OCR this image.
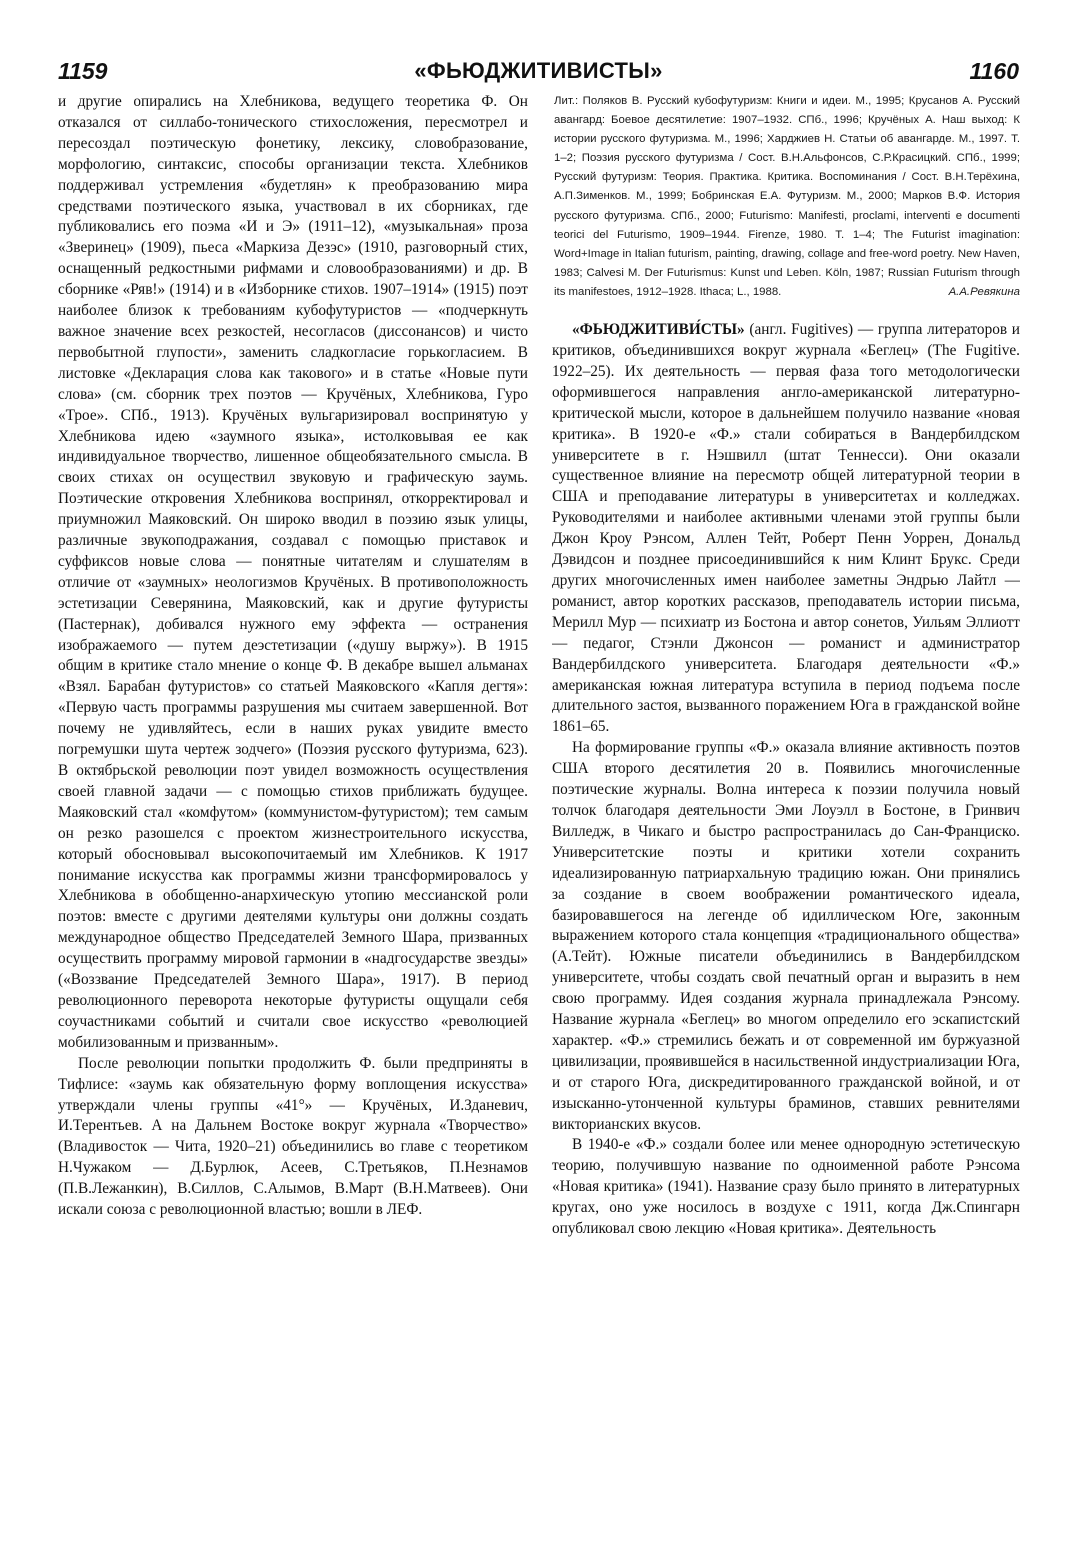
1159	«ФЬЮДЖИТИВИСТЫ»	1160

и другие опирались на Хлебникова, ведущего теоретика Ф. Он отказался от силлабо-тонического стихосложения, пересмотрел и пересоздал поэтическую фонетику, лексику, словобразование, морфологию, синтаксис, способы организации текста. Хлебников поддерживал устремления «будетлян» к преобразованию мира средствами поэтического языка, участвовал в их сборниках, где публиковались его поэма «И и Э» (1911–12), «музыкальная» проза «Зверинец» (1909), пьеса «Маркиза Дезэс» (1910, разговорный стих, оснащенный редкостными рифмами и словообразованиями) и др. В сборнике «Ряв!» (1914) и в «Изборнике стихов. 1907–1914» (1915) поэт наиболее близок к требованиям кубофутуристов — «подчеркнуть важное значение всех резкостей, несогласов (диссонансов) и чисто первобытной глупости», заменить сладкогласие горькогласием. В листовке «Декларация слова как такового» и в статье «Новые пути слова» (см. сборник трех поэтов — Кручёных, Хлебникова, Гуро «Трое». СПб., 1913). Кручёных вульгаризировал воспринятую у Хлебникова идею «заумного языка», истолковывая ее как индивидуальное творчество, лишенное общеобязательного смысла. В своих стихах он осуществил звуковую и графическую заумь. Поэтические откровения Хлебникова воспринял, откорректировал и приумножил Маяковский. Он широко вводил в поэзию язык улицы, различные звукоподражания, создавал с помощью приставок и суффиксов новые слова — понятные читателям и слушателям в отличие от «заумных» неологизмов Кручёных. В противоположность эстетизации Северянина, Маяковский, как и другие футуристы (Пастернак), добивался нужного ему эффекта — остранения изображаемого — путем деэстетизации («душу выржу»). В 1915 общим в критике стало мнение о конце Ф. В декабре вышел альманах «Взял. Барабан футуристов» со статьей Маяковского «Капля дегтя»: «Первую часть программы разрушения мы считаем завершенной. Вот почему не удивляйтесь, если в наших руках увидите вместо погремушки шута чертеж зодчего» (Поэзия русского футуризма, 623). В октябрьской революции поэт увидел возможность осуществления своей главной задачи — с помощью стихов приближать будущее. Маяковский стал «комфутом» (коммунистом-футуристом); тем самым он резко разошелся с проектом жизнестроительного искусства, который обосновывал высокопочитаемый им Хлебников. К 1917 понимание искусства как программы жизни трансформировалось у Хлебникова в обобщенно-анархическую утопию мессианской роли поэтов: вместе с другими деятелями культуры они должны создать международное общество Председателей Земного Шара, призванных осуществить программу мировой гармонии в «надгосударстве звезды» («Воззвание Председателей Земного Шара», 1917). В период революционного переворота некоторые футуристы ощущали себя соучастниками событий и считали свое искусство «революцией мобилизованным и призванным».

После революции попытки продолжить Ф. были предприняты в Тифлисе: «заумь как обязательную форму воплощения искусства» утверждали члены группы «41°» — Кручёных, И.Зданевич, И.Терентьев. А на Дальнем Востоке вокруг журнала «Творчество» (Владивосток — Чита, 1920–21) объединились во главе с теоретиком Н.Чужаком — Д.Бурлюк, Асеев, С.Третьяков, П.Незнамов (П.В.Лежанкин), В.Силлов, С.Алымов, В.Март (В.Н.Матвеев). Они искали союза с революционной властью; вошли в ЛЕФ.

Лит.: Поляков В. Русский кубофутуризм: Книги и идеи. М., 1995; Крусанов А. Русский авангард: Боевое десятилетие: 1907–1932. СПб., 1996; Кручёных А. Наш выход: К истории русского футуризма. М., 1996; Харджиев Н. Статьи об авангарде. М., 1997. Т. 1–2; Поэзия русского футуризма / Сост. В.Н.Альфонсов, С.Р.Красицкий. СПб., 1999; Русский футуризм: Теория. Практика. Критика. Воспоминания / Сост. В.Н.Терёхина, А.П.Зименков. М., 1999; Бобринская Е.А. Футуризм. М., 2000; Марков В.Ф. История русского футуризма. СПб., 2000; Futurismo: Manifesti, proclami, interventi e documenti teorici del Futurismo, 1909–1944. Firenze, 1980. T. 1–4; The Futurist imagination: Word+Image in Italian futurism, painting, drawing, collage and free-word poetry. New Haven, 1983; Calvesi M. Der Futurismus: Kunst und Leben. Köln, 1987; Russian Futurism through its manifestoes, 1912–1928. Ithaca; L., 1988.	А.А.Ревякина

«ФЬЮДЖИТИВИ́СТЫ» (англ. Fugitives) — группа литераторов и критиков, объединившихся вокруг журнала «Беглец» (The Fugitive. 1922–25). Их деятельность — первая фаза того методологически оформившегося направления англо-американской литературно-критической мысли, которое в дальнейшем получило название «новая критика». В 1920-е «Ф.» стали собираться в Вандербилдском университете в г. Нэшвилл (штат Теннесси). Они оказали существенное влияние на пересмотр общей литературной теории в США и преподавание литературы в университетах и колледжах. Руководителями и наиболее активными членами этой группы были Джон Кроу Рэнсом, Аллен Тейт, Роберт Пенн Уоррен, Дональд Дэвидсон и позднее присоединившийся к ним Клинт Брукс. Среди других многочисленных имен наиболее заметны Эндрью Лайтл — романист, автор коротких рассказов, преподаватель истории письма, Мерилл Мур — психиатр из Бостона и автор сонетов, Уильям Эллиотт — педагог, Стэнли Джонсон — романист и администратор Вандербилдского университета. Благодаря деятельности «Ф.» американская южная литература вступила в период подъема после длительного застоя, вызванного поражением Юга в гражданской войне 1861–65.

На формирование группы «Ф.» оказала влияние активность поэтов США второго десятилетия 20 в. Появились многочисленные поэтические журналы. Волна интереса к поэзии получила новый толчок благодаря деятельности Эми Лоуэлл в Бостоне, в Гринвич Вилледж, в Чикаго и быстро распространилась до Сан-Франциско. Университетские поэты и критики хотели сохранить идеализированную патриархальную традицию южан. Они принялись за создание в своем воображении романтического идеала, базировавшегося на легенде об идиллическом Юге, законным выражением которого стала концепция «традиционального общества» (А.Тейт). Южные писатели объединились в Вандербилдском университете, чтобы создать свой печатный орган и выразить в нем свою программу. Идея создания журнала принадлежала Рэнсому. Название журнала «Беглец» во многом определило его эскапистский характер. «Ф.» стремились бежать и от современной им буржуазной цивилизации, проявившейся в насильственной индустриализации Юга, и от старого Юга, дискредитированного гражданской войной, и от изысканно-утонченной культуры браминов, ставших ревнителями викторианских вкусов.

В 1940-е «Ф.» создали более или менее однородную эстетическую теорию, получившую название по одноименной работе Рэнсома «Новая критика» (1941). Название сразу было принято в литературных кругах, оно уже носилось в воздухе с 1911, когда Дж.Спингарн опубликовал свою лекцию «Новая критика». Деятельность
